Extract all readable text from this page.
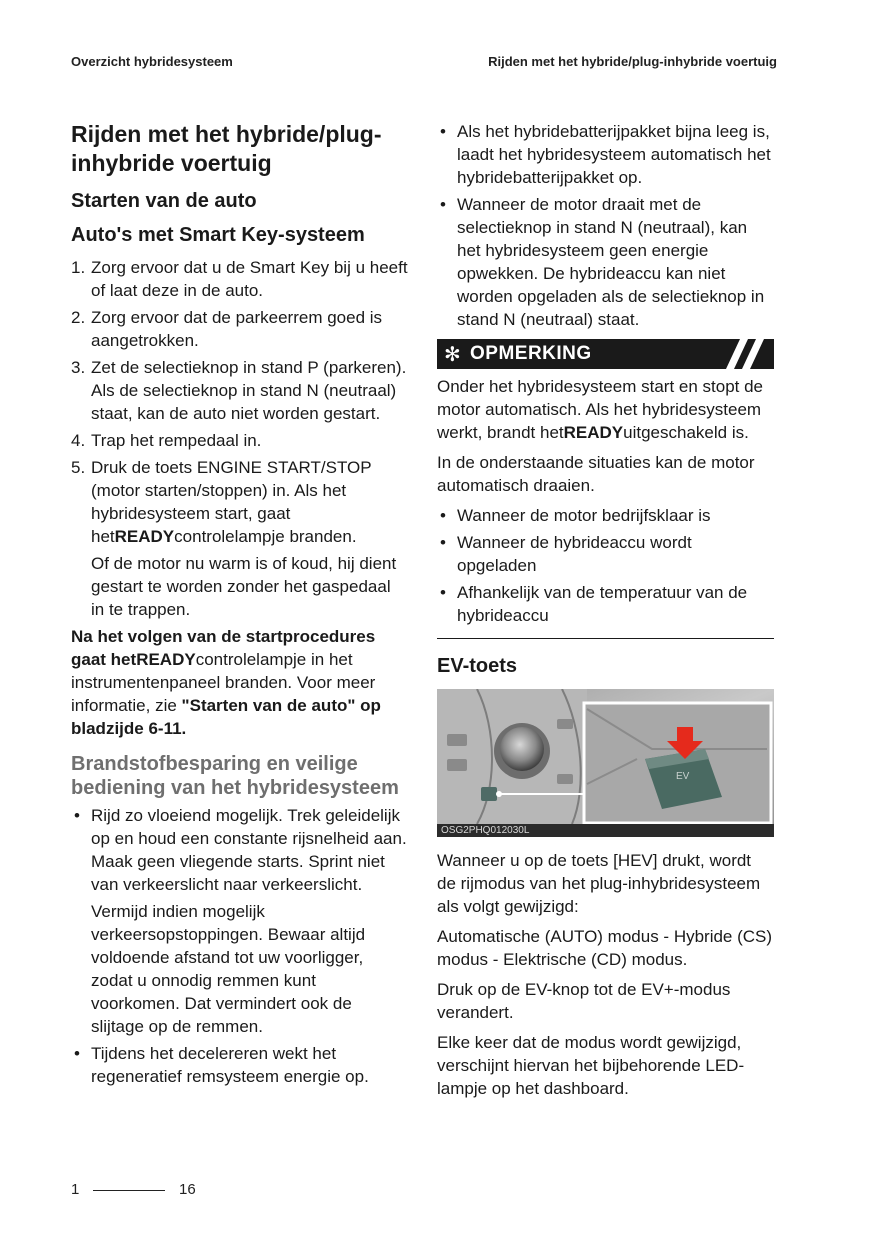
Overzicht hybridesysteem	Rijden met het hybride/plug-inhybride voertuig
Rijden met het hybride/plug-inhybride voertuig
Starten van de auto
Auto's met Smart Key-systeem
1. Zorg ervoor dat u de Smart Key bij u heeft of laat deze in de auto.
2. Zorg ervoor dat de parkeerrem goed is aangetrokken.
3. Zet de selectieknop in stand P (parkeren). Als de selectieknop in stand N (neutraal) staat, kan de auto niet worden gestart.
4. Trap het rempedaal in.
5. Druk de toets ENGINE START/STOP (motor starten/stoppen) in. Als het hybridesysteem start, gaat hetREADYcontrolelampje branden.
Of de motor nu warm is of koud, hij dient gestart te worden zonder het gaspedaal in te trappen.

Na het volgen van de startprocedures gaat hetREADYcontrolelampje in het instrumentenpaneel branden. Voor meer informatie, zie "Starten van de auto" op bladzijde 6-11.

Brandstofbesparing en veilige bediening van het hybridesysteem
• Rijd zo vloeiend mogelijk. Trek geleidelijk op en houd een constante rijsnelheid aan. Maak geen vliegende starts. Sprint niet van verkeerslicht naar verkeerslicht.
Vermijd indien mogelijk verkeersopstoppingen. Bewaar altijd voldoende afstand tot uw voorligger, zodat u onnodig remmen kunt voorkomen. Dat vermindert ook de slijtage op de remmen.
• Tijdens het decelereren wekt het regeneratief remsysteem energie op.
• Als het hybridebatterijpakket bijna leeg is, laadt het hybridesysteem automatisch het hybridebatterijpakket op.
• Wanneer de motor draait met de selectieknop in stand N (neutraal), kan het hybridesysteem geen energie opwekken. De hybrideaccu kan niet worden opgeladen als de selectieknop in stand N (neutraal) staat.
✻ OPMERKING

Onder het hybridesysteem start en stopt de motor automatisch. Als het hybridesysteem werkt, brandt hetREADYuitgeschakeld is.

In de onderstaande situaties kan de motor automatisch draaien.

• Wanneer de motor bedrijfsklaar is
• Wanneer de hybrideaccu wordt opgeladen
• Afhankelijk van de temperatuur van de hybrideaccu
EV-toets
EV
OSG2PHQ012030L

Wanneer u op de toets [HEV] drukt, wordt de rijmodus van het plug-inhybridesysteem als volgt gewijzigd:

Automatische (AUTO) modus - Hybride (CS) modus - Elektrische (CD) modus.

Druk op de EV-knop tot de EV+-modus verandert.

Elke keer dat de modus wordt gewijzigd, verschijnt hiervan het bijbehorende LED-lampje op het dashboard.

1	16
